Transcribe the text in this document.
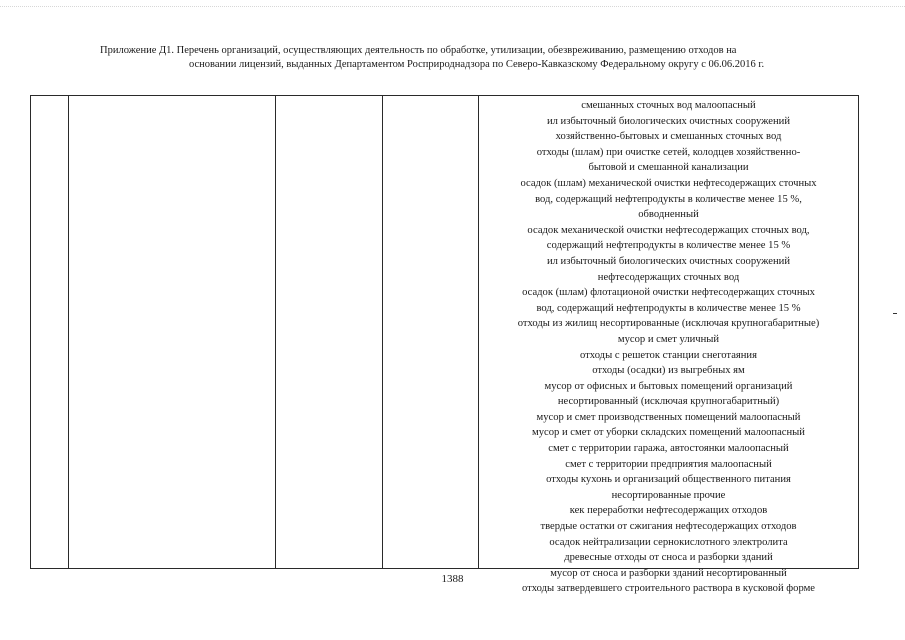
Приложение Д1. Перечень организаций, осуществляющих деятельность по обработке, утилизации, обезвреживанию, размещению отходов на
основании лицензий, выданных Департаментом Росприроднадзора по Северо-Кавказскому Федеральному округу с 06.06.2016 г.
смешанных сточных вод малоопасный
ил избыточный биологических очистных сооружений
хозяйственно-бытовых и смешанных сточных вод
отходы (шлам) при очистке сетей, колодцев хозяйственно-
бытовой и смешанной канализации
осадок (шлам) механической очистки нефтесодержащих сточных
вод, содержащий нефтепродукты в количестве менее 15 %,
обводненный
осадок механической очистки нефтесодержащих сточных вод,
содержащий нефтепродукты в количестве менее 15 %
ил избыточный биологических очистных сооружений
нефтесодержащих сточных вод
осадок (шлам) флотационой очистки нефтесодержащих сточных
вод, содержащий нефтепродукты в количестве менее 15 %
отходы из жилищ несортированные (исключая крупногабаритные)
мусор и смет уличный
отходы с решеток станции снеготаяния
отходы (осадки) из выгребных ям
мусор от офисных и бытовых помещений организаций
несортированный (исключая крупногабаритный)
мусор и смет производственных помещений малоопасный
мусор и смет от уборки складских помещений малоопасный
смет с территории гаража, автостоянки малоопасный
смет с территории предприятия малоопасный
отходы кухонь и организаций общественного питания
несортированные прочие
кек переработки нефтесодержащих отходов
твердые остатки от сжигания нефтесодержащих отходов
осадок нейтрализации сернокислотного электролита
древесные отходы от сноса и разборки зданий
мусор от сноса и разборки зданий несортированный
отходы затвердевшего строительного раствора в кусковой форме
1388
